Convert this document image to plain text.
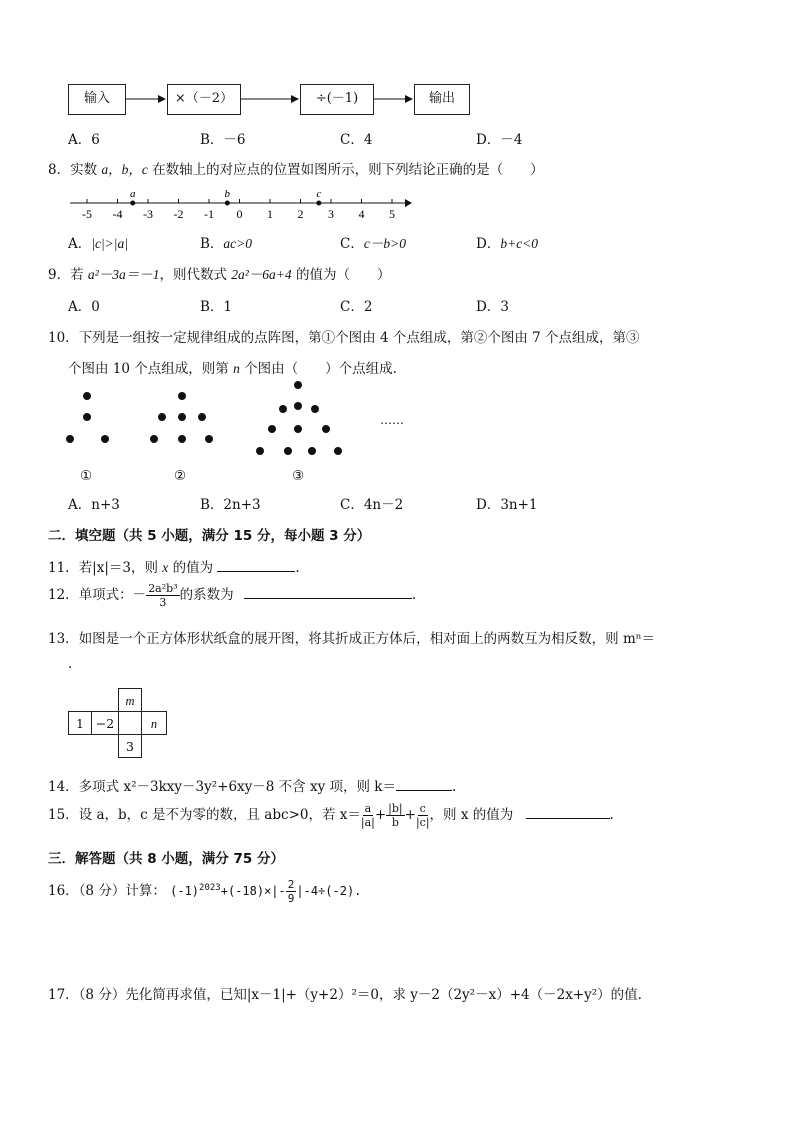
输入	×（－2）	÷(－1)	输出
A．6	B．－6	C．4	D．－4
8．实数 a，b，c 在数轴上的对应点的位置如图所示，则下列结论正确的是（　　）
-5 -4 -3 -2 -1 0 1 2 3 4 5
a	b	c
A．|c|>|a|	B．ac>0	C．c－b>0	D．b+c<0
9．若 a²－3a＝－1，则代数式 2a²－6a+4 的值为（　　）
A．0	B．1	C．2	D．3
10．下列是一组按一定规律组成的点阵图，第①个图由 4 个点组成，第②个图由 7 个点组成，第③
个图由 10 个点组成，则第 n 个图由（　　）个点组成.
……
①	②	③
A．n+3	B．2n+3	C．4n－2	D．3n+1
二．填空题（共 5 小题，满分 15 分，每小题 3 分）
11．若|x|＝3，则 x 的值为	.
12．单项式：－ $\frac{\text{2a²b³}}{3}$ 的系数为	.
13．如图是一个正方体形状纸盒的展开图，将其折成正方体后，相对面上的两数互为相反数，则 mⁿ＝
.
m
1 −2	n
3
14．多项式 x²－3kxy－3y²+6xy－8 不含 xy 项，则 k＝	.
15．设 a，b，c 是不为零的数，且 abc>0，若 $x= \frac{a}{|a|} + \frac{|b|}{b} + \frac{c}{|c|}$ ，则 x 的值为	.
三．解答题（共 8 小题，满分 75 分）
16．（8 分）计算： $(-1)^{2023}+(-18)\times|- \frac{2}{9} |-4\div(-2)$.
17．（8 分）先化简再求值，已知|x－1|+（y+2）²＝0，求 y－2（2y²－x）+4（－2x+y²）的值.
